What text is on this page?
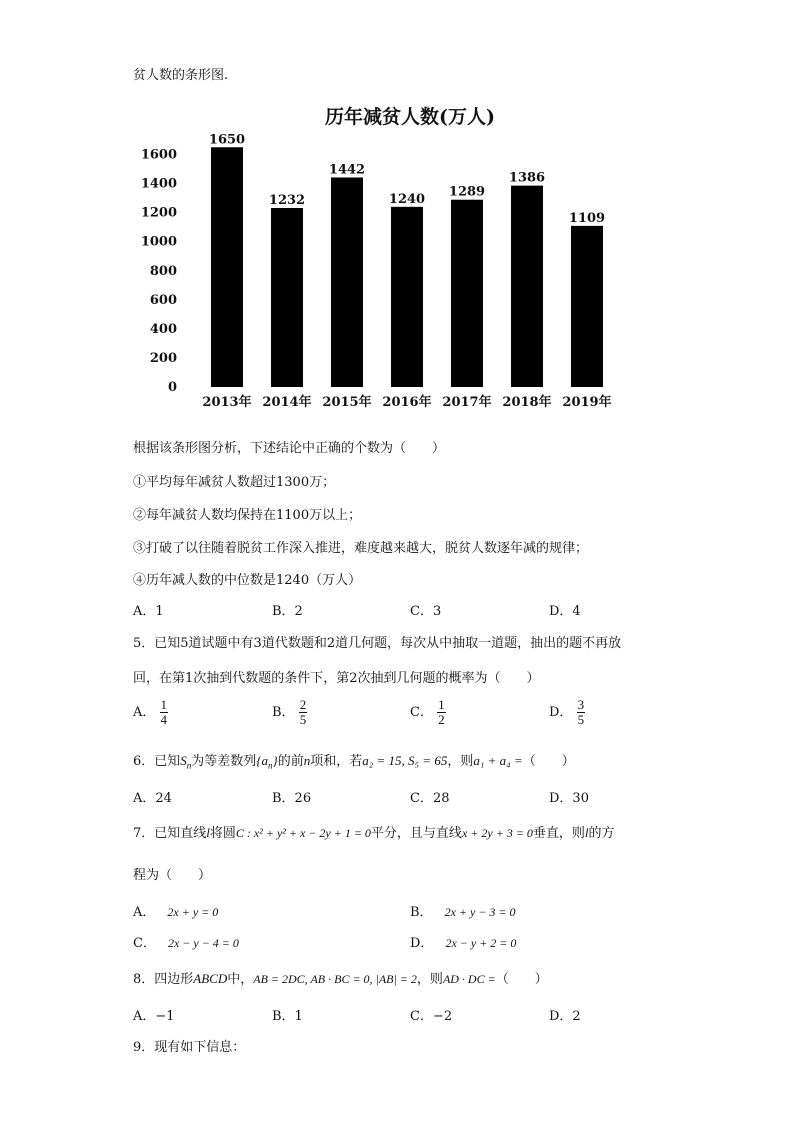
贫人数的条形图.
历年减贫人数(万人)
0
200
400
600
800
1000
1200
1400
1600
1650
1232
1442
1240 1289
1386
1109
2013年 2014年 2015年 2016年 2017年 2018年 2019年
根据该条形图分析，下述结论中正确的个数为（　　）
①平均每年减贫人数超过1300万；
②每年减贫人数均保持在1100万以上；
③打破了以往随着脱贫工作深入推进，难度越来越大，脱贫人数逐年减的规律；
④历年减人数的中位数是1240（万人）
A．1	B．2	C．3	D．4
5．已知5道试题中有3道代数题和2道几何题，每次从中抽取一道题，抽出的题不再放
回，在第1次抽到代数题的条件下，第2次抽到几何题的概率为（　　）
A． $\frac{1}{4}$	B． $\frac{2}{5}$	C． $\frac{1}{2}$	D． $\frac{3}{5}$
6．已知$S_n$为等差数列$\{a_n\}$的前n项和，若a₂ = 15, S₅ = 65，则a₁ + a₄ =（　　）
A．24	B．26	C．28	D．30
7．已知直线l将圆C : x² + y² + x − 2y + 1 = 0平分，且与直线x + 2y + 3 = 0垂直，则l的方
程为（　　）
A． 2x + y = 0	B． 2x + y − 3 = 0
C． 2x − y − 4 = 0	D． 2x − y + 2 = 0
8．四边形ABCD中，AB = 2DC, AB · BC = 0, |AB| = 2，则AD · DC =（　　）
A．−1	B．1	C．−2	D．2
9．现有如下信息：
